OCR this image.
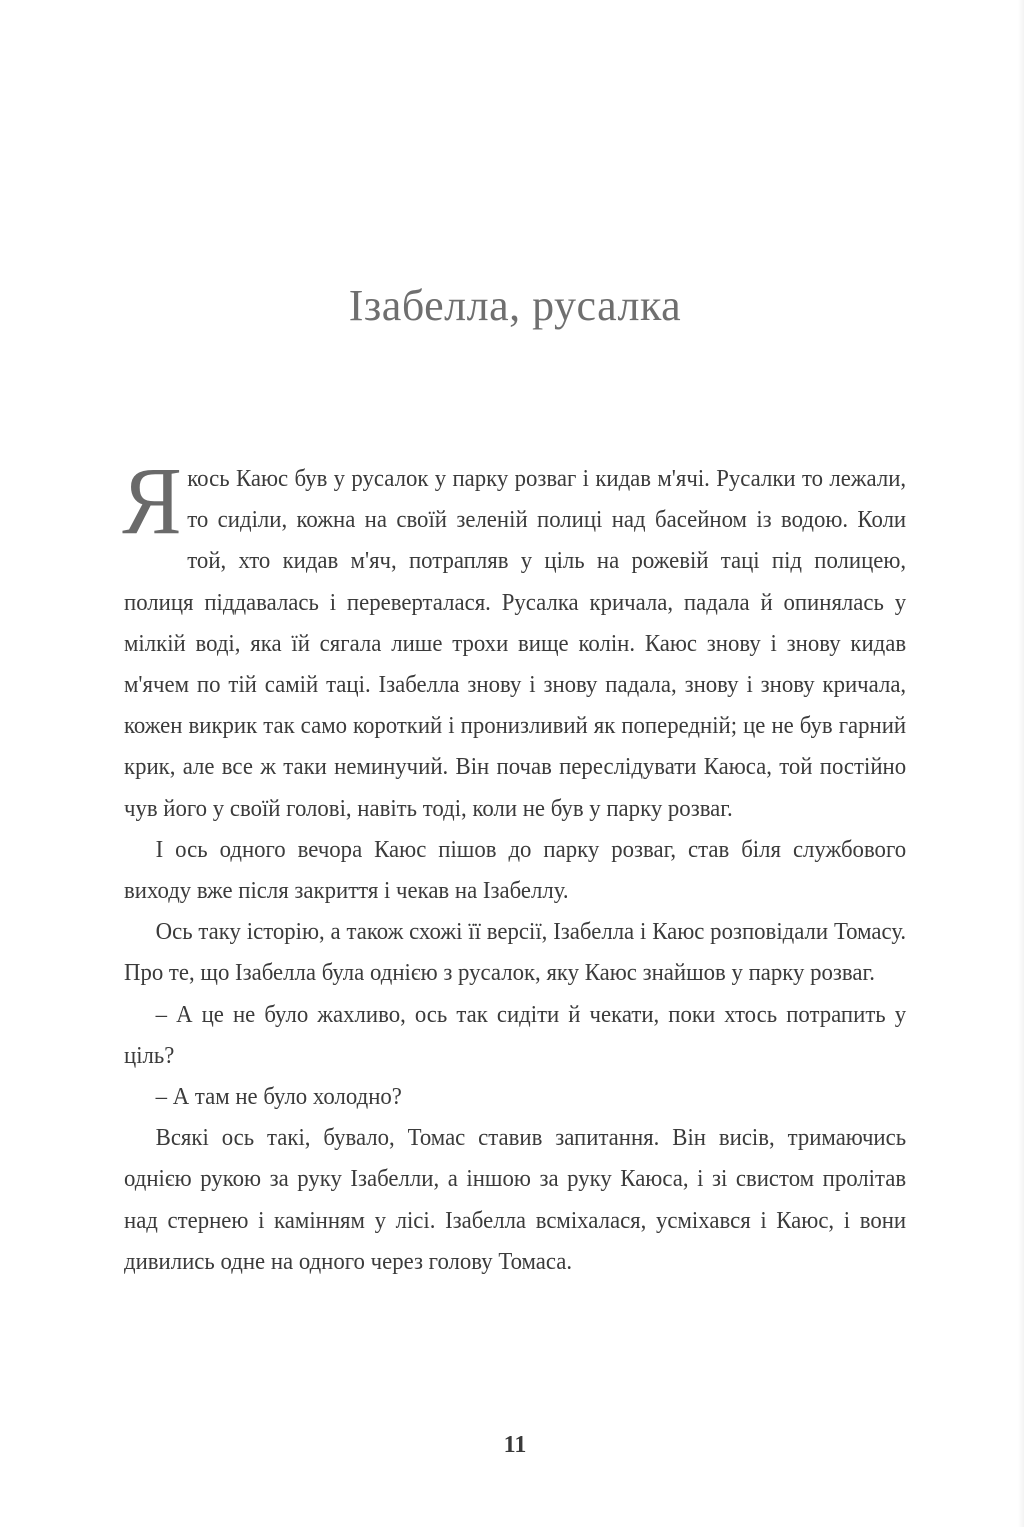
Ізабелла, русалка

Якось Каюс був у русалок у парку розваг і кидав м'ячі. Русалки то лежали, то сиділи, кожна на своїй зеленій полиці над басейном із водою. Коли той, хто кидав м'яч, потрапляв у ціль на рожевій таці під полицею, полиця піддавалась і переверталася. Русалка кричала, падала й опинялась у мілкій воді, яка їй сягала лише трохи вище колін. Каюс знову і знову кидав м'ячем по тій самій таці. Ізабелла знову і знову падала, знову і знову кричала, кожен викрик так само короткий і пронизливий як попередній; це не був гарний крик, але все ж таки неминучий. Він почав переслідувати Каюса, той постійно чув його у своїй голові, навіть тоді, коли не був у парку розваг.

І ось одного вечора Каюс пішов до парку розваг, став біля службового виходу вже після закриття і чекав на Ізабеллу.

Ось таку історію, а також схожі її версії, Ізабелла і Каюс розповідали Томасу. Про те, що Ізабелла була однією з русалок, яку Каюс знайшов у парку розваг.

– А це не було жахливо, ось так сидіти й чекати, поки хтось потрапить у ціль?

– А там не було холодно?

Всякі ось такі, бувало, Томас ставив запитання. Він висів, тримаючись однією рукою за руку Ізабелли, а іншою за руку Каюса, і зі свистом пролітав над стернею і камінням у лісі. Ізабелла всміхалася, усміхався і Каюс, і вони дивились одне на одного через голову Томаса.

11
